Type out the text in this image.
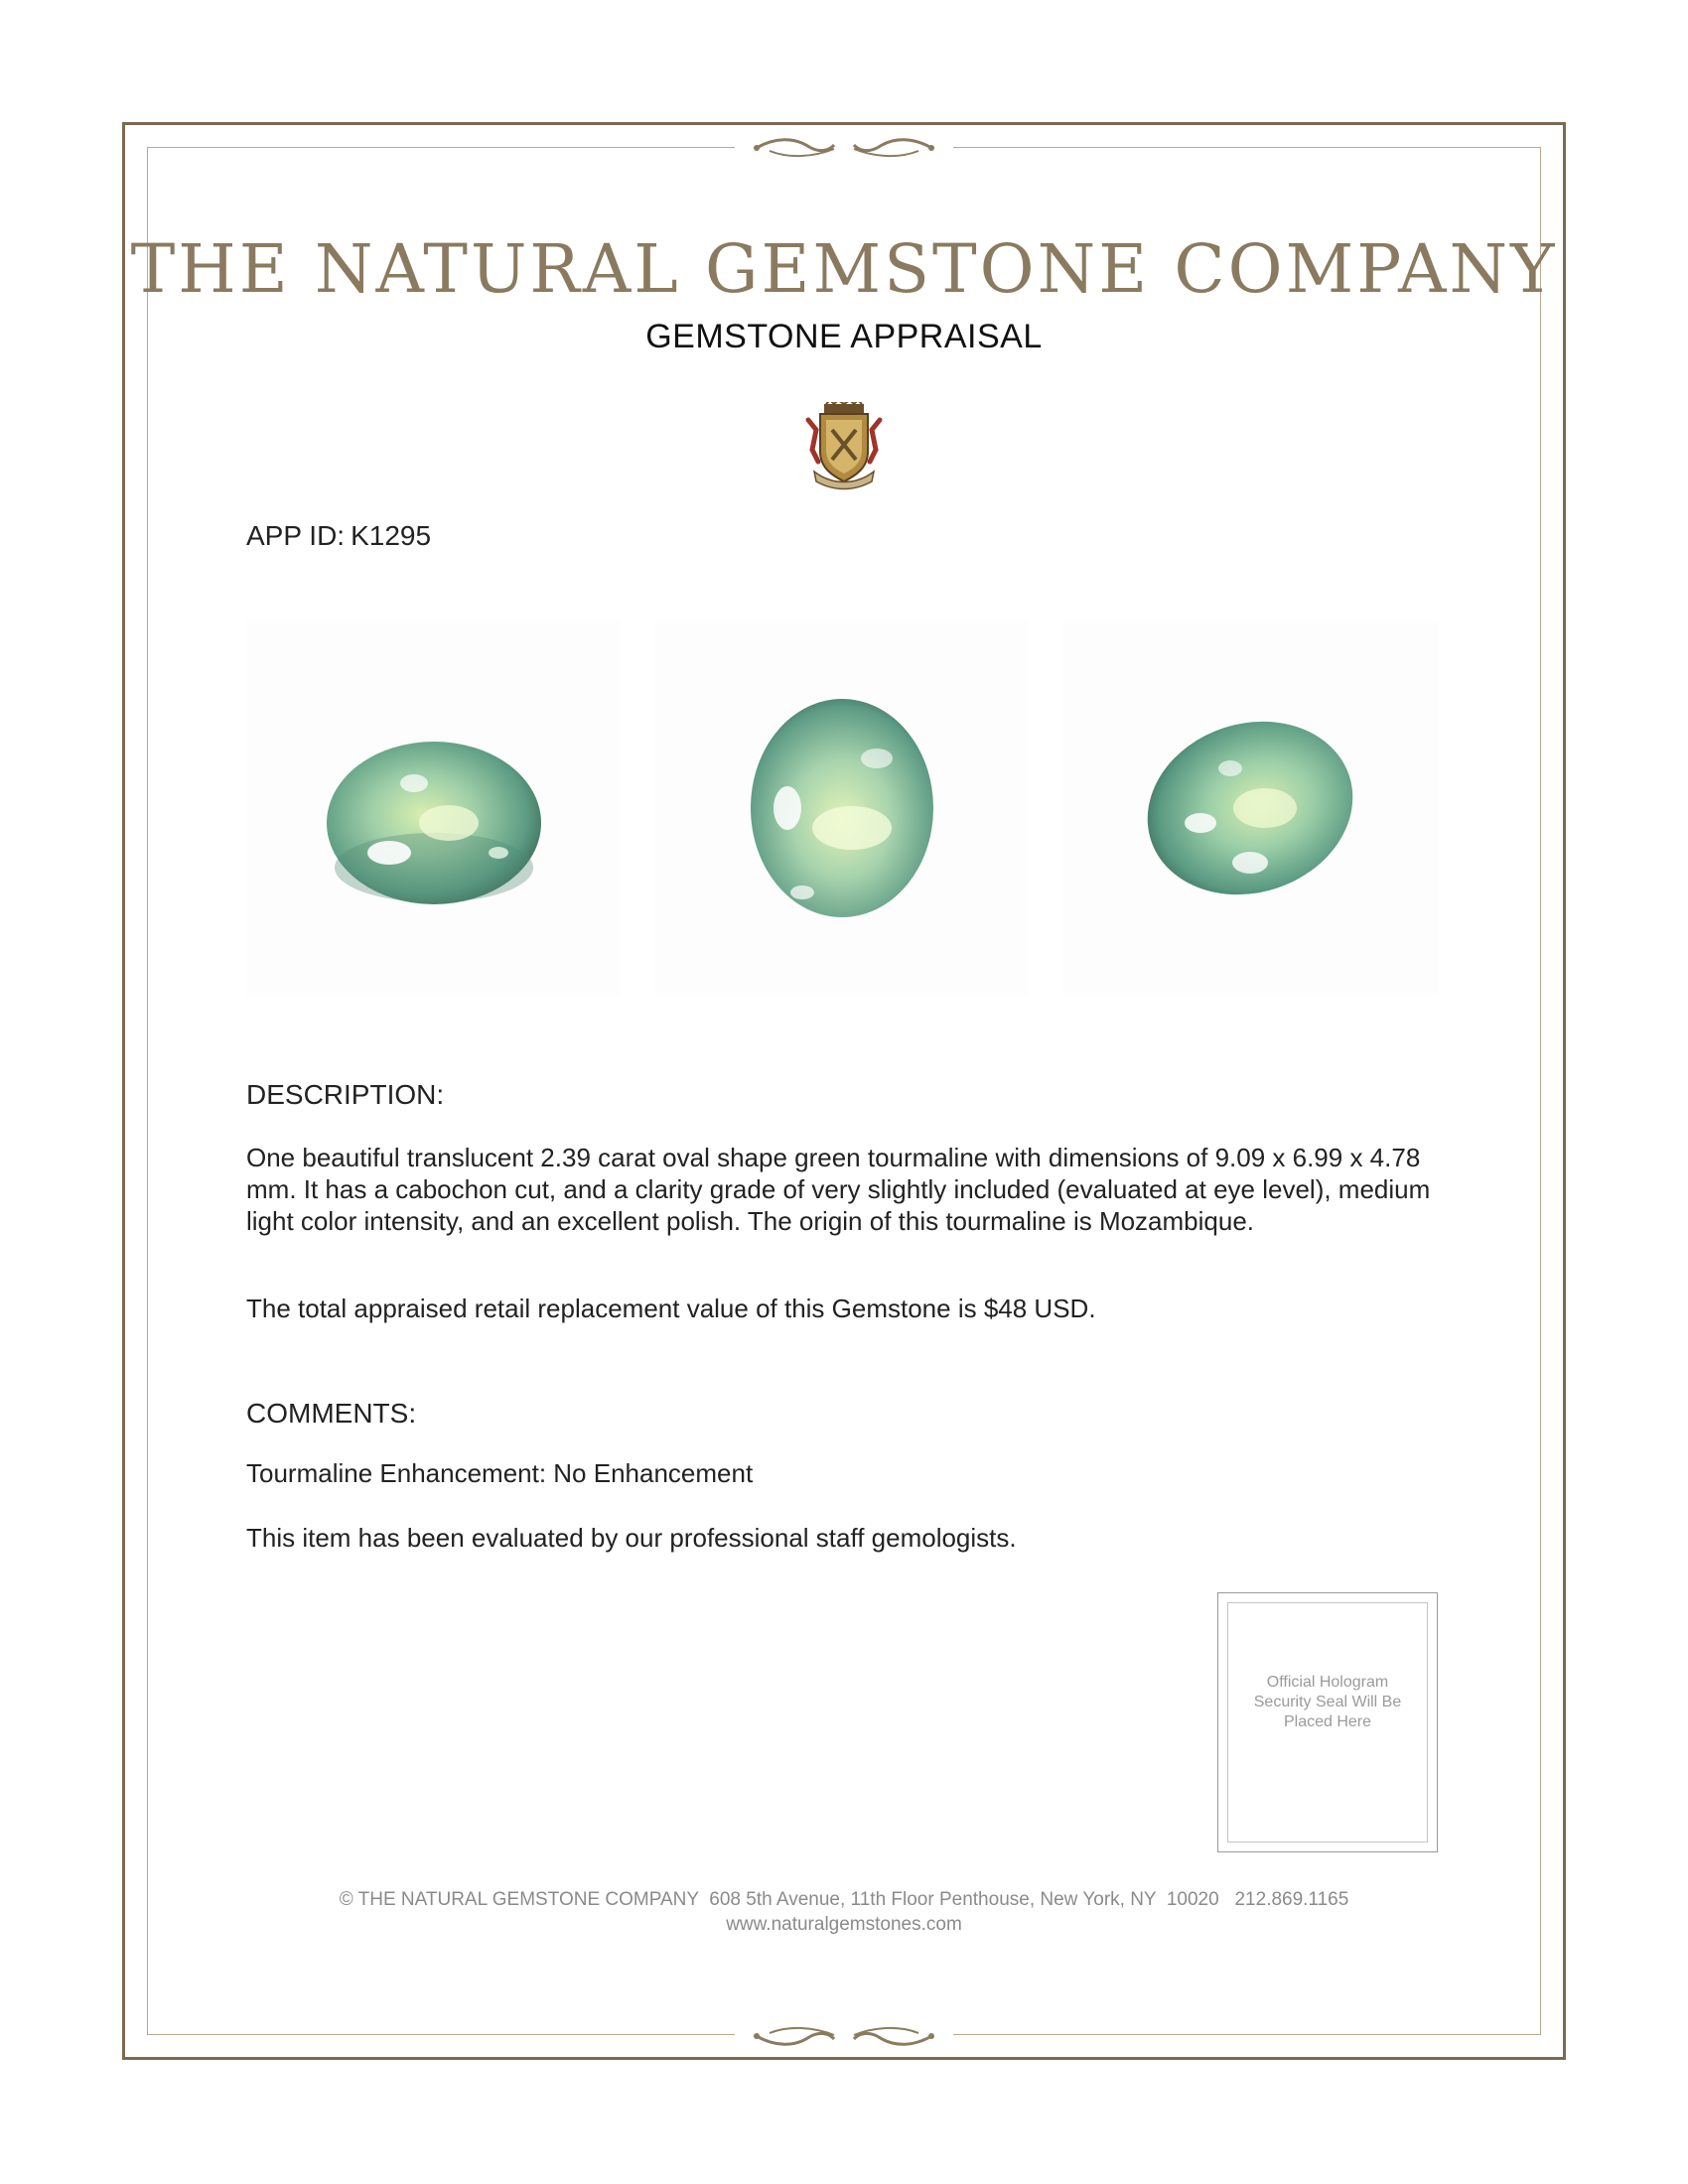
THE NATURAL GEMSTONE COMPANY
GEMSTONE APPRAISAL
APP ID: K1295
DESCRIPTION:
One beautiful translucent 2.39 carat oval shape green tourmaline with dimensions of 9.09 x 6.99 x 4.78 mm. It has a cabochon cut, and a clarity grade of very slightly included (evaluated at eye level), medium light color intensity, and an excellent polish. The origin of this tourmaline is Mozambique.
The total appraised retail replacement value of this Gemstone is $48 USD.
COMMENTS:
Tourmaline Enhancement: No Enhancement
This item has been evaluated by our professional staff gemologists.
Official Hologram Security Seal Will Be Placed Here
© THE NATURAL GEMSTONE COMPANY  608 5th Avenue, 11th Floor Penthouse, New York, NY  10020   212.869.1165
www.naturalgemstones.com
